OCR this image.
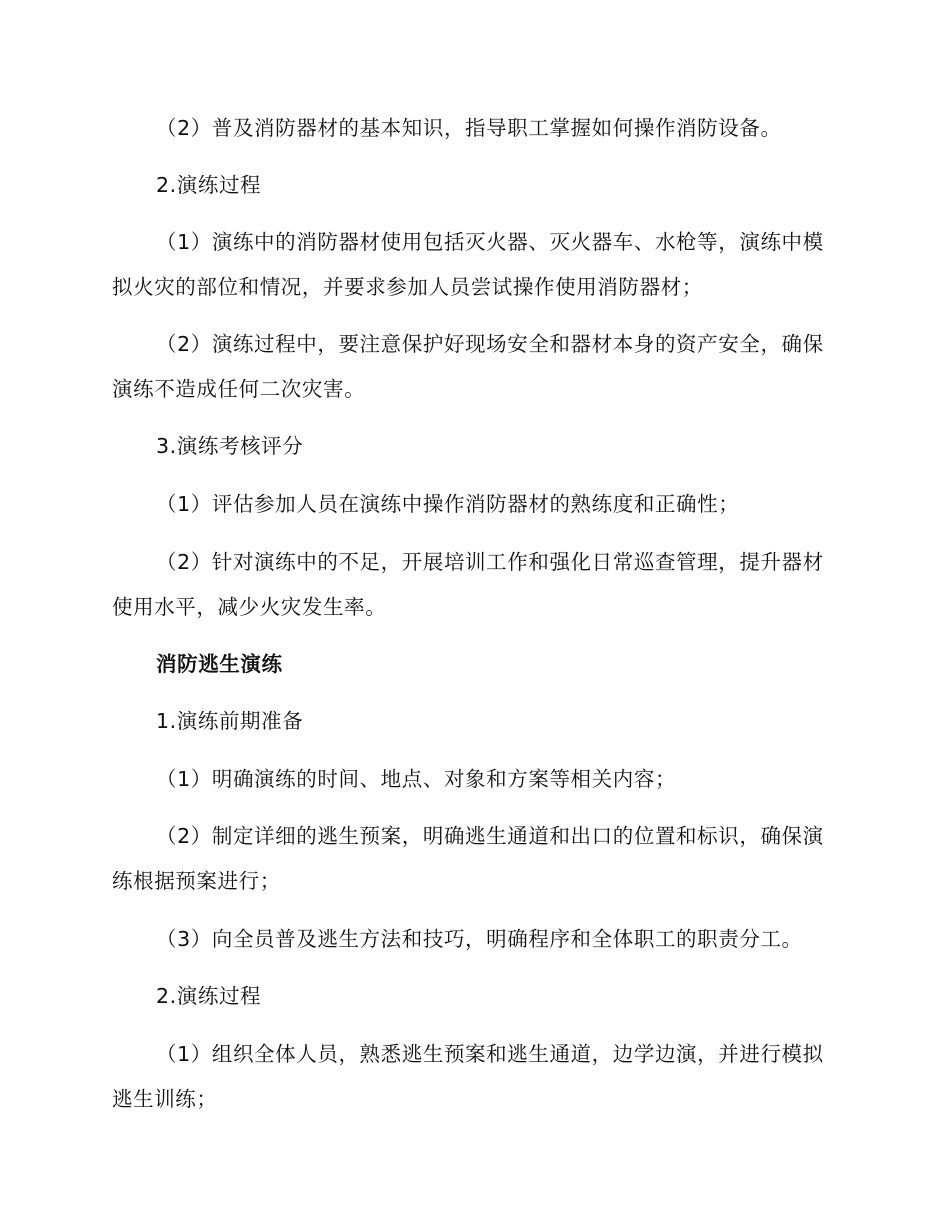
（2）普及消防器材的基本知识，指导职工掌握如何操作消防设备。

2.演练过程

（1）演练中的消防器材使用包括灭火器、灭火器车、水枪等，演练中模拟火灾的部位和情况，并要求参加人员尝试操作使用消防器材；

（2）演练过程中，要注意保护好现场安全和器材本身的资产安全，确保演练不造成任何二次灾害。

3.演练考核评分

（1）评估参加人员在演练中操作消防器材的熟练度和正确性；

（2）针对演练中的不足，开展培训工作和强化日常巡查管理，提升器材使用水平，减少火灾发生率。

消防逃生演练

1.演练前期准备

（1）明确演练的时间、地点、对象和方案等相关内容；

（2）制定详细的逃生预案，明确逃生通道和出口的位置和标识，确保演练根据预案进行；

（3）向全员普及逃生方法和技巧，明确程序和全体职工的职责分工。

2.演练过程

（1）组织全体人员，熟悉逃生预案和逃生通道，边学边演，并进行模拟逃生训练；
